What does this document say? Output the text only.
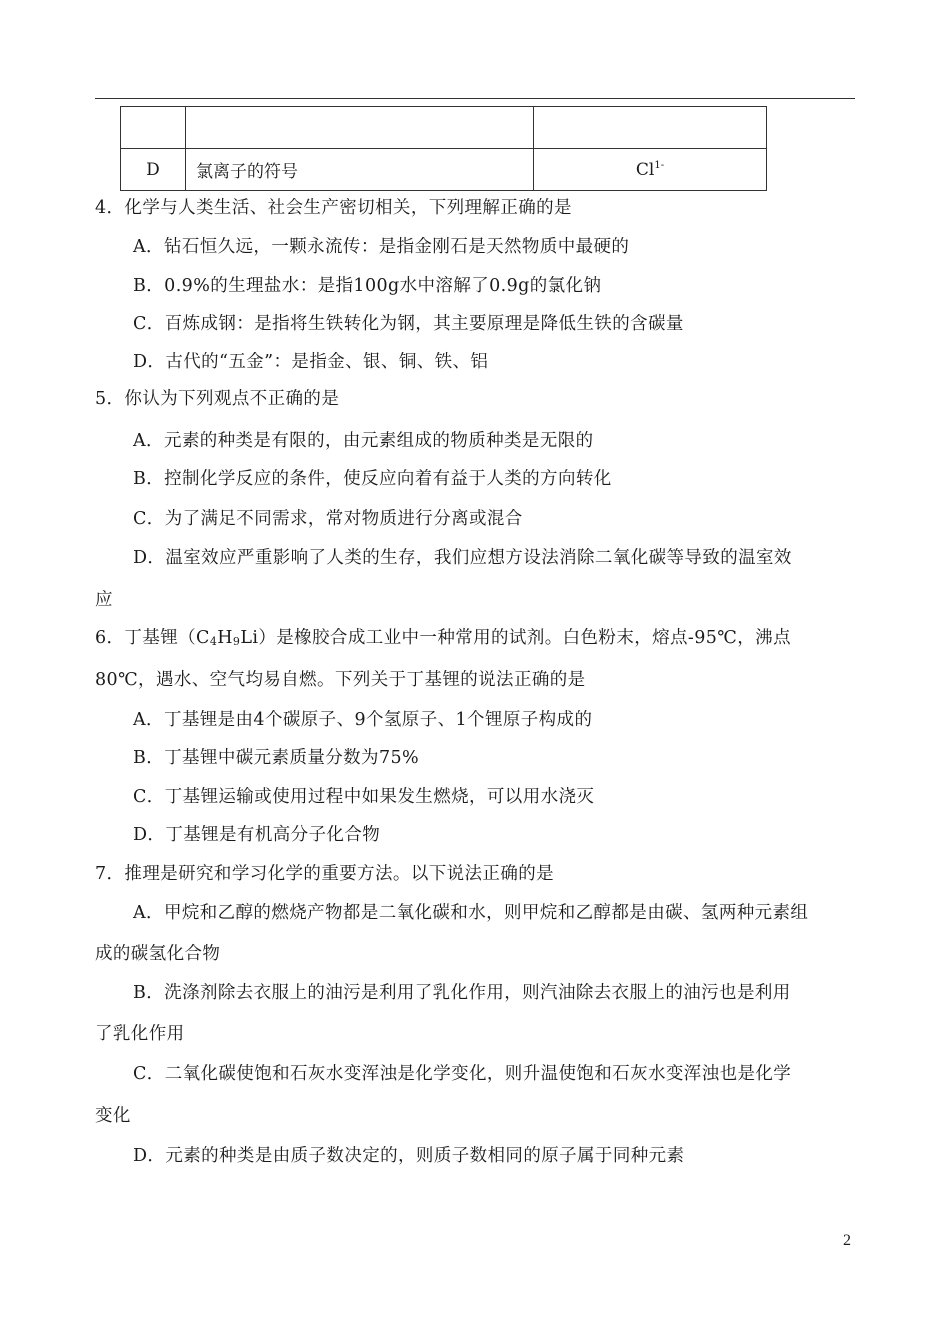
D	氯离子的符号	$Cl^{1-}$
4．化学与人类生活、社会生产密切相关，下列理解正确的是
A．钻石恒久远，一颗永流传：是指金刚石是天然物质中最硬的
B．0.9%的生理盐水：是指100g水中溶解了0.9g的氯化钠
C．百炼成钢：是指将生铁转化为钢，其主要原理是降低生铁的含碳量
D．古代的“五金”：是指金、银、铜、铁、铝
5．你认为下列观点不正确的是
A．元素的种类是有限的，由元素组成的物质种类是无限的
B．控制化学反应的条件，使反应向着有益于人类的方向转化
C．为了满足不同需求，常对物质进行分离或混合
D．温室效应严重影响了人类的生存，我们应想方设法消除二氧化碳等导致的温室效
应
6．丁基锂$(C_4H_9Li)$是橡胶合成工业中一种常用的试剂。白色粉末，熔点-95℃，沸点
80℃，遇水、空气均易自燃。下列关于丁基锂的说法正确的是
A．丁基锂是由4个碳原子、9个氢原子、1个锂原子构成的
B．丁基锂中碳元素质量分数为75%
C．丁基锂运输或使用过程中如果发生燃烧，可以用水浇灭
D．丁基锂是有机高分子化合物
7．推理是研究和学习化学的重要方法。以下说法正确的是
A．甲烷和乙醇的燃烧产物都是二氧化碳和水，则甲烷和乙醇都是由碳、氢两种元素组
成的碳氢化合物
B．洗涤剂除去衣服上的油污是利用了乳化作用，则汽油除去衣服上的油污也是利用
了乳化作用
C．二氧化碳使饱和石灰水变浑浊是化学变化，则升温使饱和石灰水变浑浊也是化学
变化
D．元素的种类是由质子数决定的，则质子数相同的原子属于同种元素
2
